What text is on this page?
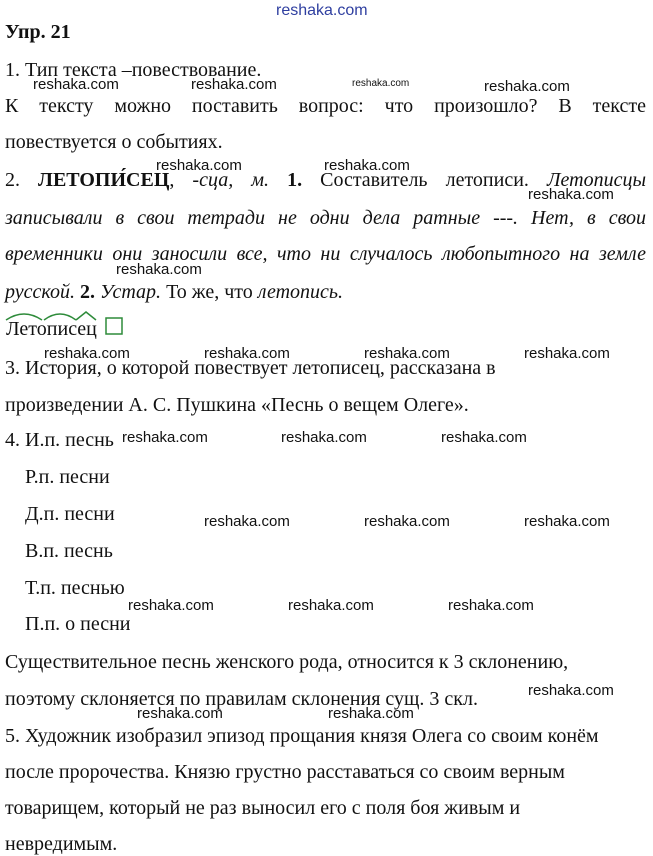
reshaka.com
reshaka.com	reshaka.com	reshaka.com	reshaka.com
reshaka.com	reshaka.com
reshaka.com
reshaka.com
reshaka.com	reshaka.com	reshaka.com	reshaka.com
reshaka.com	reshaka.com	reshaka.com
reshaka.com	reshaka.com	reshaka.com
reshaka.com	reshaka.com	reshaka.com
reshaka.com
reshaka.com	reshaka.com
Упр. 21
1. Тип текста –повествование.
К тексту можно поставить вопрос: что произошло? В тексте
повествуется о событиях.
2. ЛЕТОПИ́СЕЦ, -сца, м. 1. Составитель летописи. Летописцы
записывали в свои тетради не одни дела ратные ---. Нет, в свои
временники они заносили все, что ни случалось любопытного на земле
русской. 2. Устар. То же, что летопись.
Летописец
3. История, о которой повествует летописец, рассказана в
произведении А. С. Пушкина «Песнь о вещем Олеге».
4. И.п. песнь
Р.п. песни
Д.п. песни
В.п. песнь
Т.п. песнью
П.п. о песни
Существительное песнь женского рода, относится к 3 склонению,
поэтому склоняется по правилам склонения сущ. 3 скл.
5. Художник изобразил эпизод прощания князя Олега со своим конём
после пророчества. Князю грустно расставаться со своим верным
товарищем, который не раз выносил его с поля боя живым и
невредимым.
